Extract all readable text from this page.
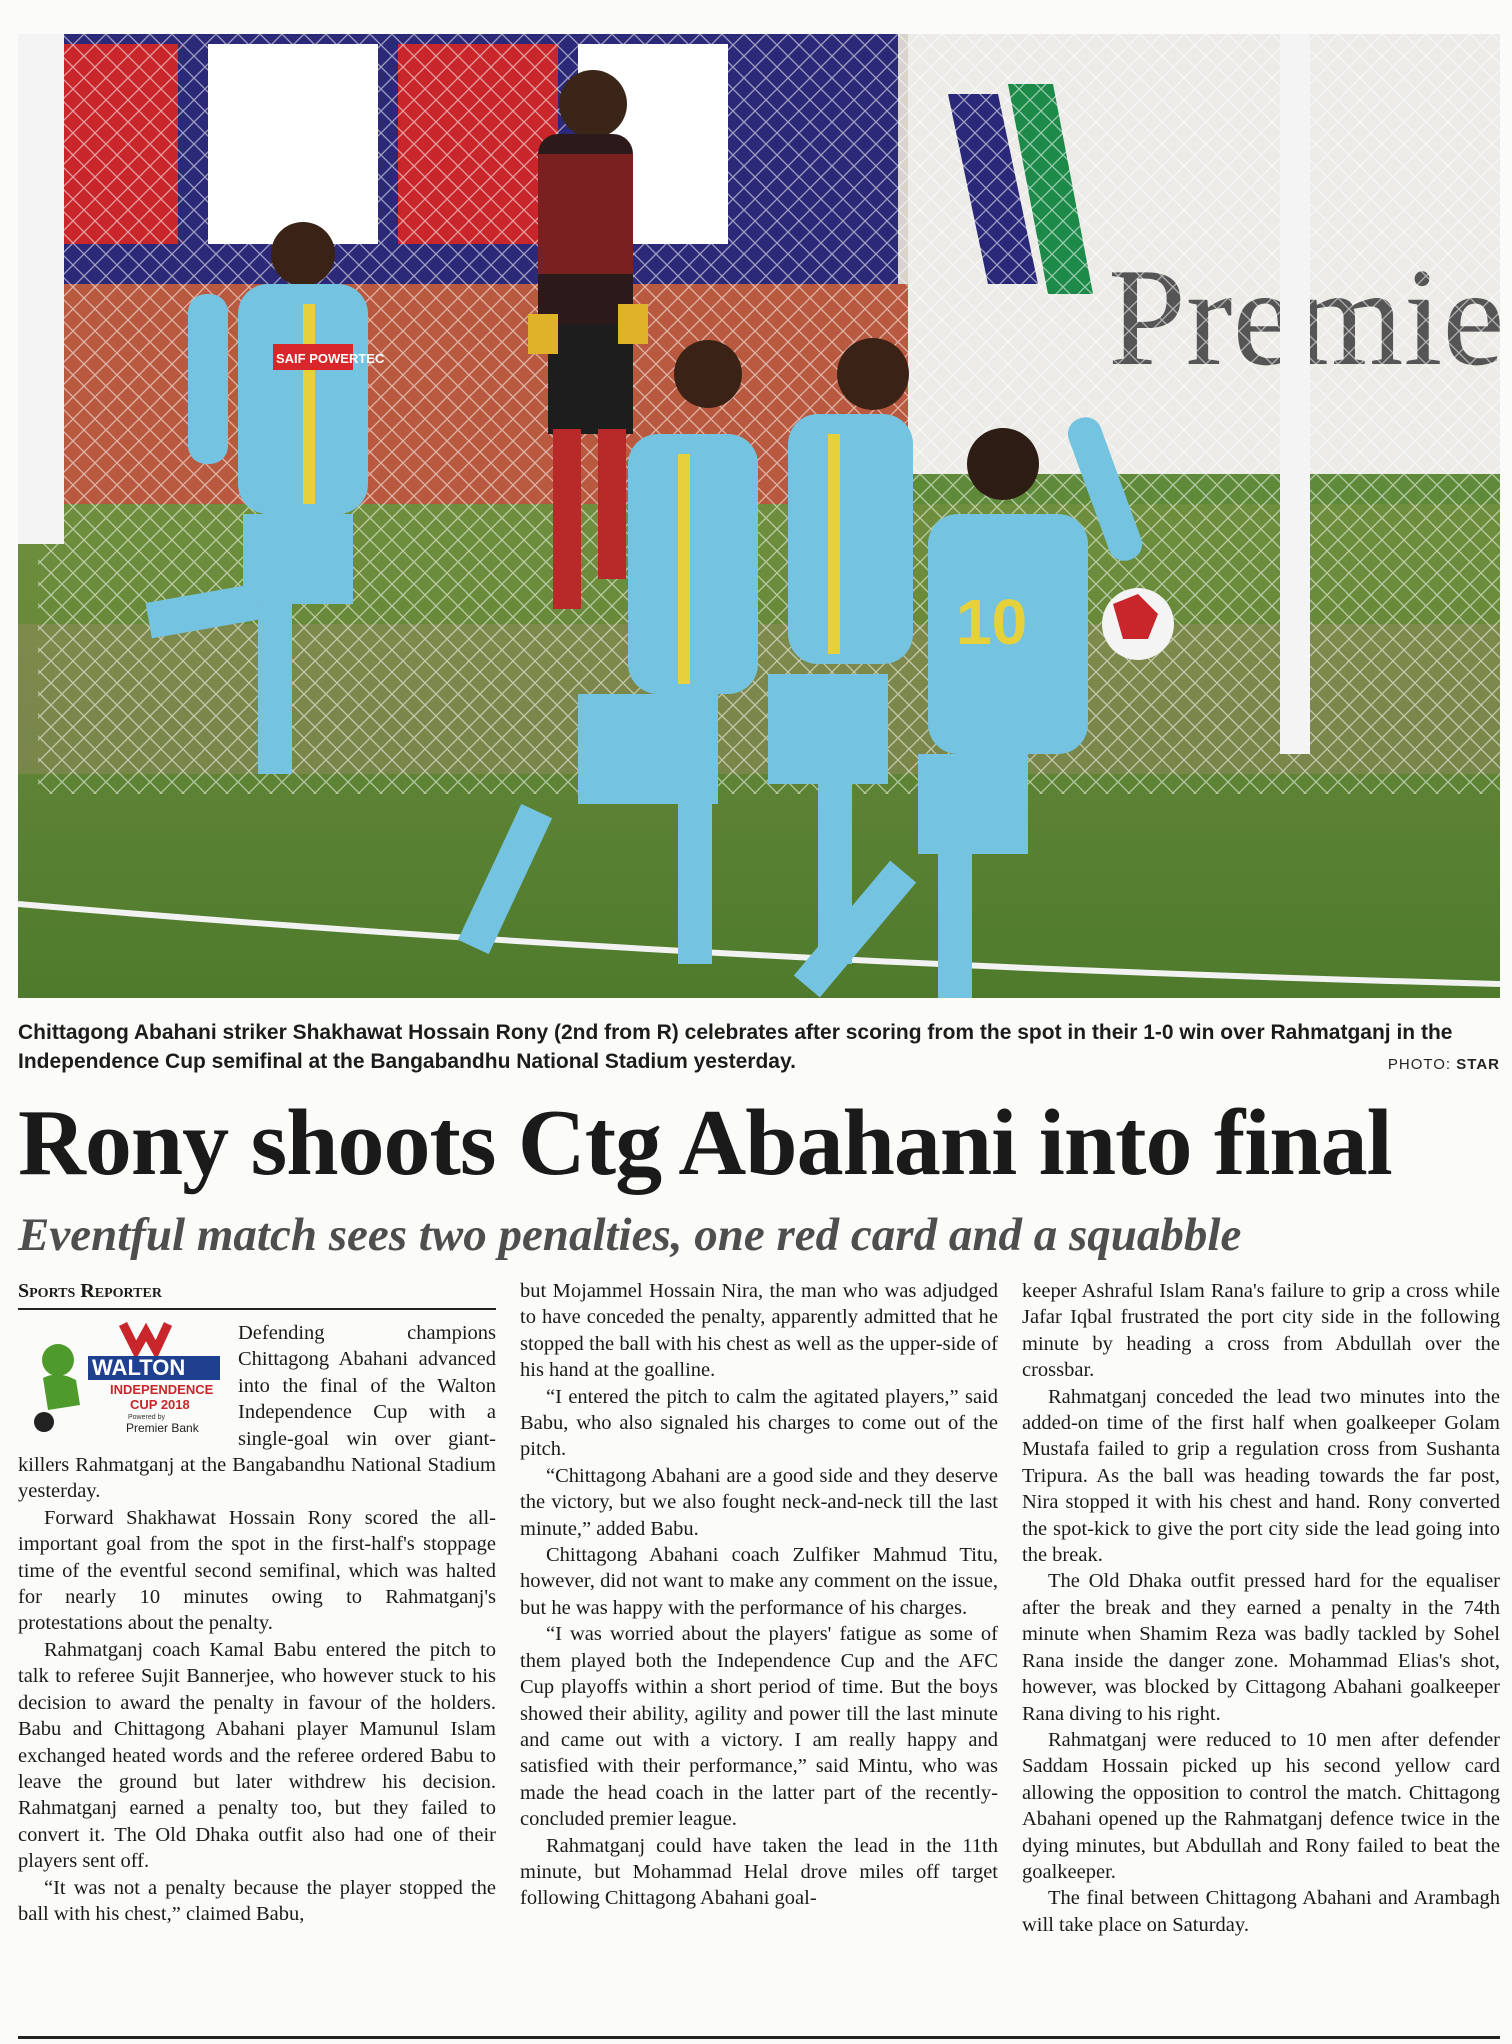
SAIF POWERTEC
10
Chittagong Abahani striker Shakhawat Hossain Rony (2nd from R) celebrates after scoring from the spot in their 1-0 win over Rahmatganj in the Independence Cup semifinal at the Bangabandhu National Stadium yesterday.	PHOTO: STAR
Rony shoots Ctg Abahani into final
Eventful match sees two penalties, one red card and a squabble
Sports Reporter
WALTON
INDEPENDENCE
CUP 2018
Powered by
Premier Bank

Defending champions Chittagong Abahani advanced into the final of the Walton Independence Cup with a single-goal win over giant-killers Rahmatganj at the Bangabandhu National Stadium yesterday.

Forward Shakhawat Hossain Rony scored the all-important goal from the spot in the first-half's stoppage time of the eventful second semifinal, which was halted for nearly 10 minutes owing to Rahmatganj's protestations about the penalty.

Rahmatganj coach Kamal Babu entered the pitch to talk to referee Sujit Bannerjee, who however stuck to his decision to award the penalty in favour of the holders. Babu and Chittagong Abahani player Mamunul Islam exchanged heated words and the referee ordered Babu to leave the ground but later withdrew his decision. Rahmatganj earned a penalty too, but they failed to convert it. The Old Dhaka outfit also had one of their players sent off.

“It was not a penalty because the player stopped the ball with his chest,” claimed Babu,

but Mojammel Hossain Nira, the man who was adjudged to have conceded the penalty, apparently admitted that he stopped the ball with his chest as well as the upper-side of his hand at the goalline.

“I entered the pitch to calm the agitated players,” said Babu, who also signaled his charges to come out of the pitch.

“Chittagong Abahani are a good side and they deserve the victory, but we also fought neck-and-neck till the last minute,” added Babu.

Chittagong Abahani coach Zulfiker Mahmud Titu, however, did not want to make any comment on the issue, but he was happy with the performance of his charges.

“I was worried about the players' fatigue as some of them played both the Independence Cup and the AFC Cup playoffs within a short period of time. But the boys showed their ability, agility and power till the last minute and came out with a victory. I am really happy and satisfied with their performance,” said Mintu, who was made the head coach in the latter part of the recently-concluded premier league.

Rahmatganj could have taken the lead in the 11th minute, but Mohammad Helal drove miles off target following Chittagong Abahani goal-

keeper Ashraful Islam Rana's failure to grip a cross while Jafar Iqbal frustrated the port city side in the following minute by heading a cross from Abdullah over the crossbar.

Rahmatganj conceded the lead two minutes into the added-on time of the first half when goalkeeper Golam Mustafa failed to grip a regulation cross from Sushanta Tripura. As the ball was heading towards the far post, Nira stopped it with his chest and hand. Rony converted the spot-kick to give the port city side the lead going into the break.

The Old Dhaka outfit pressed hard for the equaliser after the break and they earned a penalty in the 74th minute when Shamim Reza was badly tackled by Sohel Rana inside the danger zone. Mohammad Elias's shot, however, was blocked by Cittagong Abahani goalkeeper Rana diving to his right.

Rahmatganj were reduced to 10 men after defender Saddam Hossain picked up his second yellow card allowing the opposition to control the match. Chittagong Abahani opened up the Rahmatganj defence twice in the dying minutes, but Abdullah and Rony failed to beat the goalkeeper.

The final between Chittagong Abahani and Arambagh will take place on Saturday.
